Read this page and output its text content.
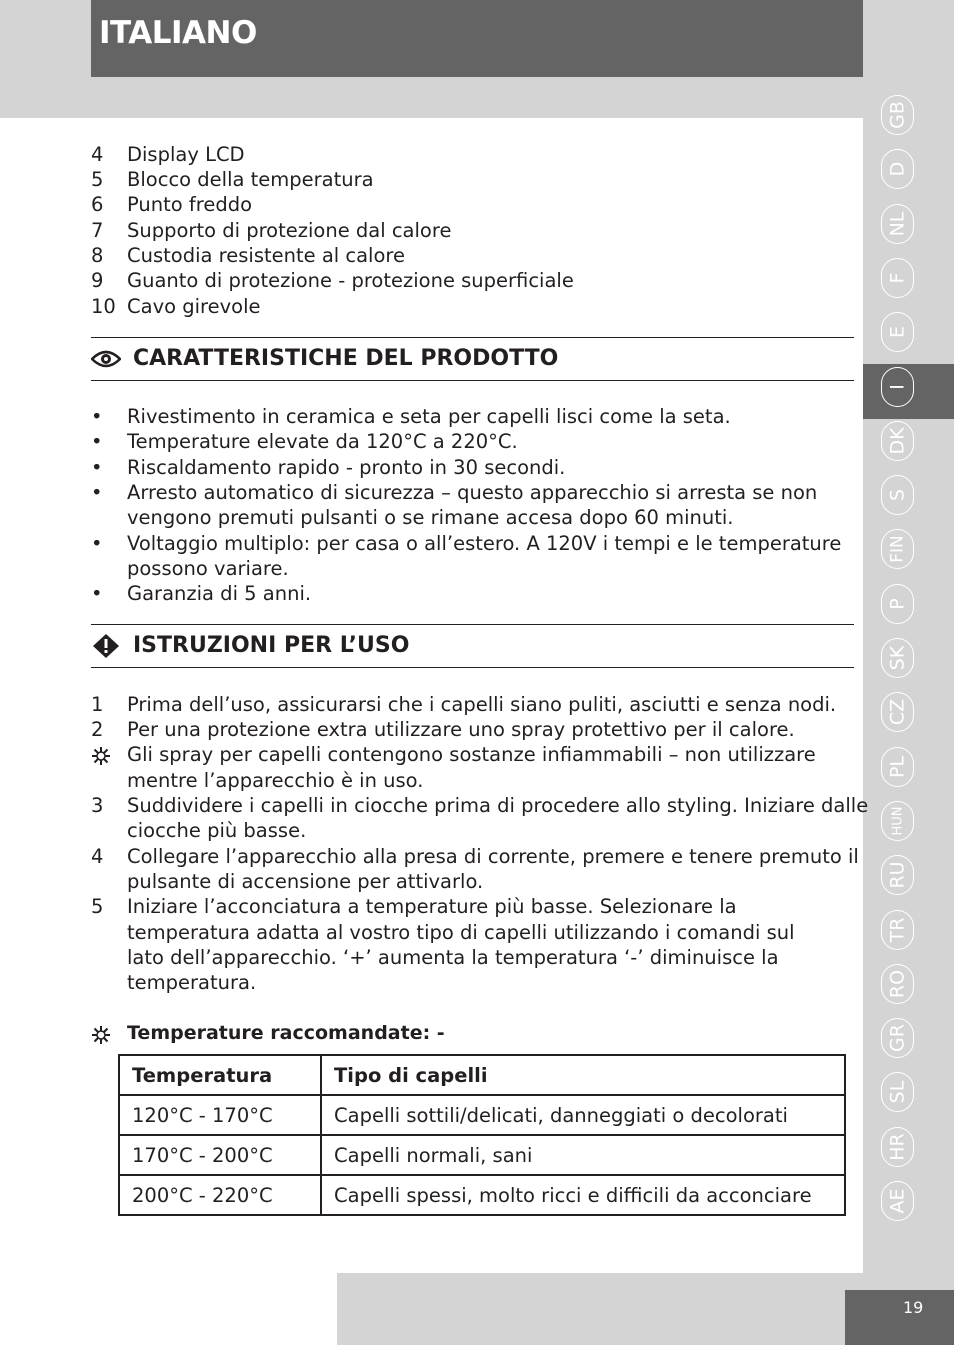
ITALIANO
4 Display LCD
5 Blocco della temperatura
6 Punto freddo
7 Supporto di protezione dal calore
8 Custodia resistente al calore
9 Guanto di protezione - protezione superficiale
10 Cavo girevole
CARATTERISTICHE DEL PRODOTTO
• Rivestimento in ceramica e seta per capelli lisci come la seta.
• Temperature elevate da 120°C a 220°C.
• Riscaldamento rapido - pronto in 30 secondi.
• Arresto automatico di sicurezza – questo apparecchio si arresta se non
vengono premuti pulsanti o se rimane accesa dopo 60 minuti.
• Voltaggio multiplo: per casa o all’estero. A 120V i tempi e le temperature
possono variare.
• Garanzia di 5 anni.
ISTRUZIONI PER L’USO
1 Prima dell’uso, assicurarsi che i capelli siano puliti, asciutti e senza nodi.
2 Per una protezione extra utilizzare uno spray protettivo per il calore.
Gli spray per capelli contengono sostanze infiammabili – non utilizzare
mentre l’apparecchio è in uso.
3 Suddividere i capelli in ciocche prima di procedere allo styling. Iniziare dalle
ciocche più basse.
4 Collegare l’apparecchio alla presa di corrente, premere e tenere premuto il
pulsante di accensione per attivarlo.
5 Iniziare l’acconciatura a temperature più basse. Selezionare la
temperatura adatta al vostro tipo di capelli utilizzando i comandi sul
lato dell’apparecchio. ‘+’ aumenta la temperatura ‘-’ diminuisce la
temperatura.
Temperature raccomandate: -
Temperatura	Tipo di capelli
120°C - 170°C	Capelli sottili/delicati, danneggiati o decolorati
170°C - 200°C	Capelli normali, sani
200°C - 220°C	Capelli spessi, molto ricci e difficili da acconciare
GB
D
NL
F
E
I
DK
S
FIN
P
SK
CZ
PL
HUN
RU
TR
RO
GR
SL
HR
AE
19
